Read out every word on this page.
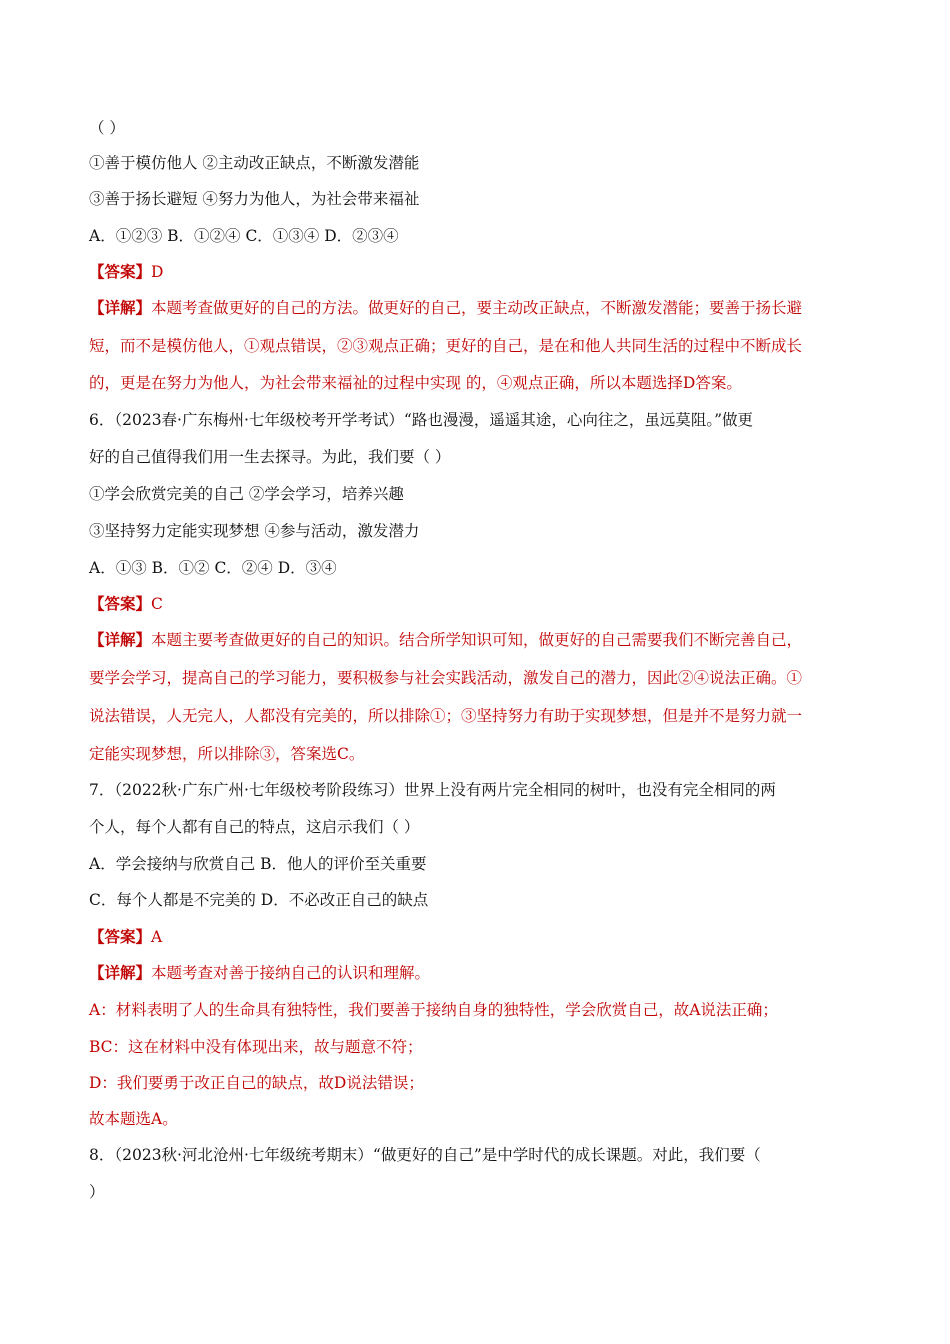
（ ）
①善于模仿他人 ②主动改正缺点，不断激发潜能
③善于扬长避短 ④努力为他人，为社会带来福祉
A．①②③ B．①②④ C．①③④ D．②③④
【答案】D
【详解】本题考查做更好的自己的方法。做更好的自己，要主动改正缺点，不断激发潜能；要善于扬长避
短，而不是模仿他人，①观点错误，②③观点正确；更好的自己，是在和他人共同生活的过程中不断成长
的，更是在努力为他人，为社会带来福祉的过程中实现 的，④观点正确，所以本题选择D答案。
6．（2023春·广东梅州·七年级校考开学考试）“路也漫漫，遥遥其途，心向往之，虽远莫阻。”做更
好的自己值得我们用一生去探寻。为此，我们要（ ）
①学会欣赏完美的自己 ②学会学习，培养兴趣
③坚持努力定能实现梦想 ④参与活动，激发潜力
A．①③ B．①② C．②④ D．③④
【答案】C
【详解】本题主要考查做更好的自己的知识。结合所学知识可知，做更好的自己需要我们不断完善自己，
要学会学习，提高自己的学习能力，要积极参与社会实践活动，激发自己的潜力，因此②④说法正确。①
说法错误，人无完人，人都没有完美的，所以排除①；③坚持努力有助于实现梦想，但是并不是努力就一
定能实现梦想，所以排除③，答案选C。
7．（2022秋·广东广州·七年级校考阶段练习）世界上没有两片完全相同的树叶，也没有完全相同的两
个人，每个人都有自己的特点，这启示我们（ ）
A．学会接纳与欣赏自己 B．他人的评价至关重要
C．每个人都是不完美的 D．不必改正自己的缺点
【答案】A
【详解】本题考查对善于接纳自己的认识和理解。
A：材料表明了人的生命具有独特性，我们要善于接纳自身的独特性，学会欣赏自己，故A说法正确；
BC：这在材料中没有体现出来，故与题意不符；
D：我们要勇于改正自己的缺点，故D说法错误；
故本题选A。
8．（2023秋·河北沧州·七年级统考期末）“做更好的自己”是中学时代的成长课题。对此，我们要（
）
